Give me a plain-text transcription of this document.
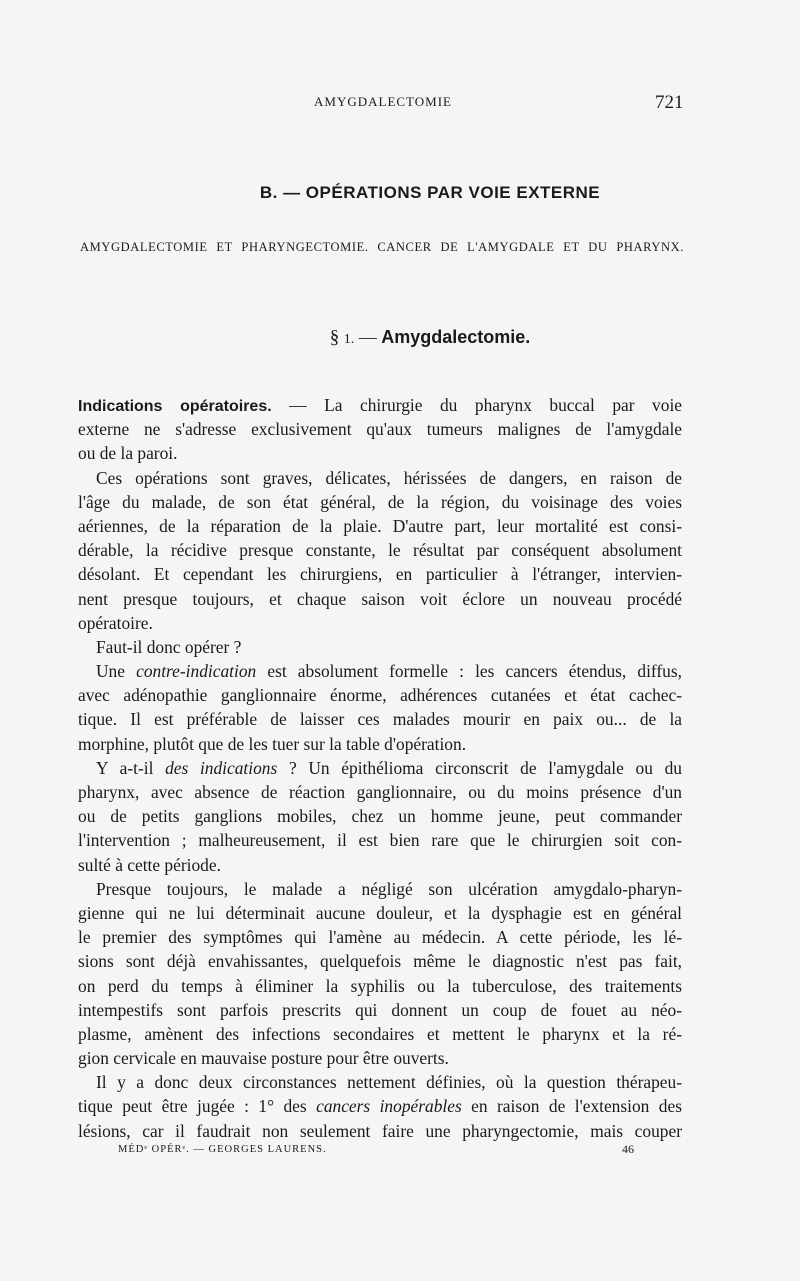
AMYGDALECTOMIE	721
B. — OPÉRATIONS PAR VOIE EXTERNE
AMYGDALECTOMIE ET PHARYNGECTOMIE. CANCER DE L'AMYGDALE ET DU PHARYNX.
§ 1. — Amygdalectomie.
Indications opératoires. — La chirurgie du pharynx buccal par voie
externe ne s'adresse exclusivement qu'aux tumeurs malignes de l'amygdale
ou de la paroi.
Ces opérations sont graves, délicates, hérissées de dangers, en raison de
l'âge du malade, de son état général, de la région, du voisinage des voies
aériennes, de la réparation de la plaie. D'autre part, leur mortalité est consi-
dérable, la récidive presque constante, le résultat par conséquent absolument
désolant. Et cependant les chirurgiens, en particulier à l'étranger, intervien-
nent presque toujours, et chaque saison voit éclore un nouveau procédé
opératoire.
Faut-il donc opérer ?
Une contre-indication est absolument formelle : les cancers étendus, diffus,
avec adénopathie ganglionnaire énorme, adhérences cutanées et état cachec-
tique. Il est préférable de laisser ces malades mourir en paix ou... de la
morphine, plutôt que de les tuer sur la table d'opération.
Y a-t-il des indications ? Un épithélioma circonscrit de l'amygdale ou du
pharynx, avec absence de réaction ganglionnaire, ou du moins présence d'un
ou de petits ganglions mobiles, chez un homme jeune, peut commander
l'intervention ; malheureusement, il est bien rare que le chirurgien soit con-
sulté à cette période.
Presque toujours, le malade a négligé son ulcération amygdalo-pharyn-
gienne qui ne lui déterminait aucune douleur, et la dysphagie est en général
le premier des symptômes qui l'amène au médecin. A cette période, les lé-
sions sont déjà envahissantes, quelquefois même le diagnostic n'est pas fait,
on perd du temps à éliminer la syphilis ou la tuberculose, des traitements
intempestifs sont parfois prescrits qui donnent un coup de fouet au néo-
plasme, amènent des infections secondaires et mettent le pharynx et la ré-
gion cervicale en mauvaise posture pour être ouverts.
Il y a donc deux circonstances nettement définies, où la question thérapeu-
tique peut être jugée : 1° des cancers inopérables en raison de l'extension des
lésions, car il faudrait non seulement faire une pharyngectomie, mais couper
MÉDᵉ OPÉRᵉ. — GEORGES LAURENS.	46
